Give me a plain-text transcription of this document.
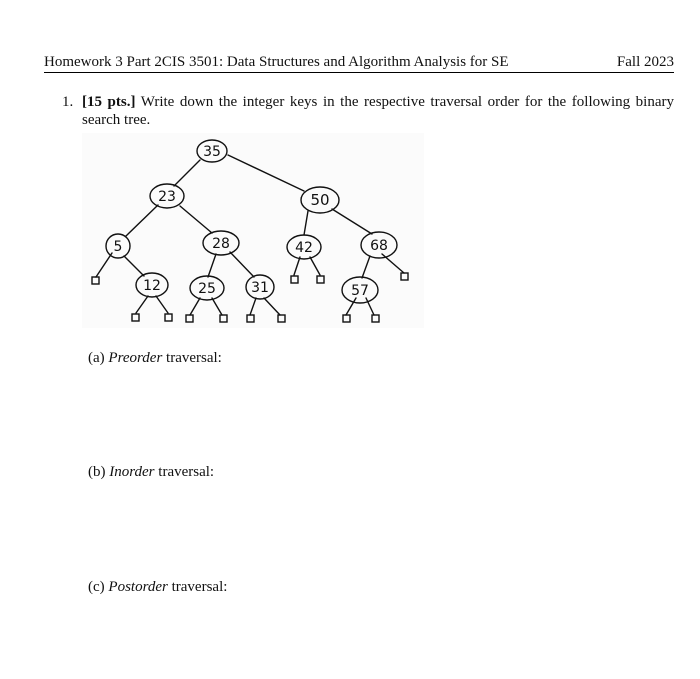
Homework 3 Part 2CIS 3501: Data Structures and Algorithm Analysis for SE	Fall 2023
1. [15 pts.] Write down the integer keys in the respective traversal order for the following binary search tree.
35
23	50
5	28	42	68
12	25	31	57
(a) Preorder traversal:
(b) Inorder traversal:
(c) Postorder traversal:
